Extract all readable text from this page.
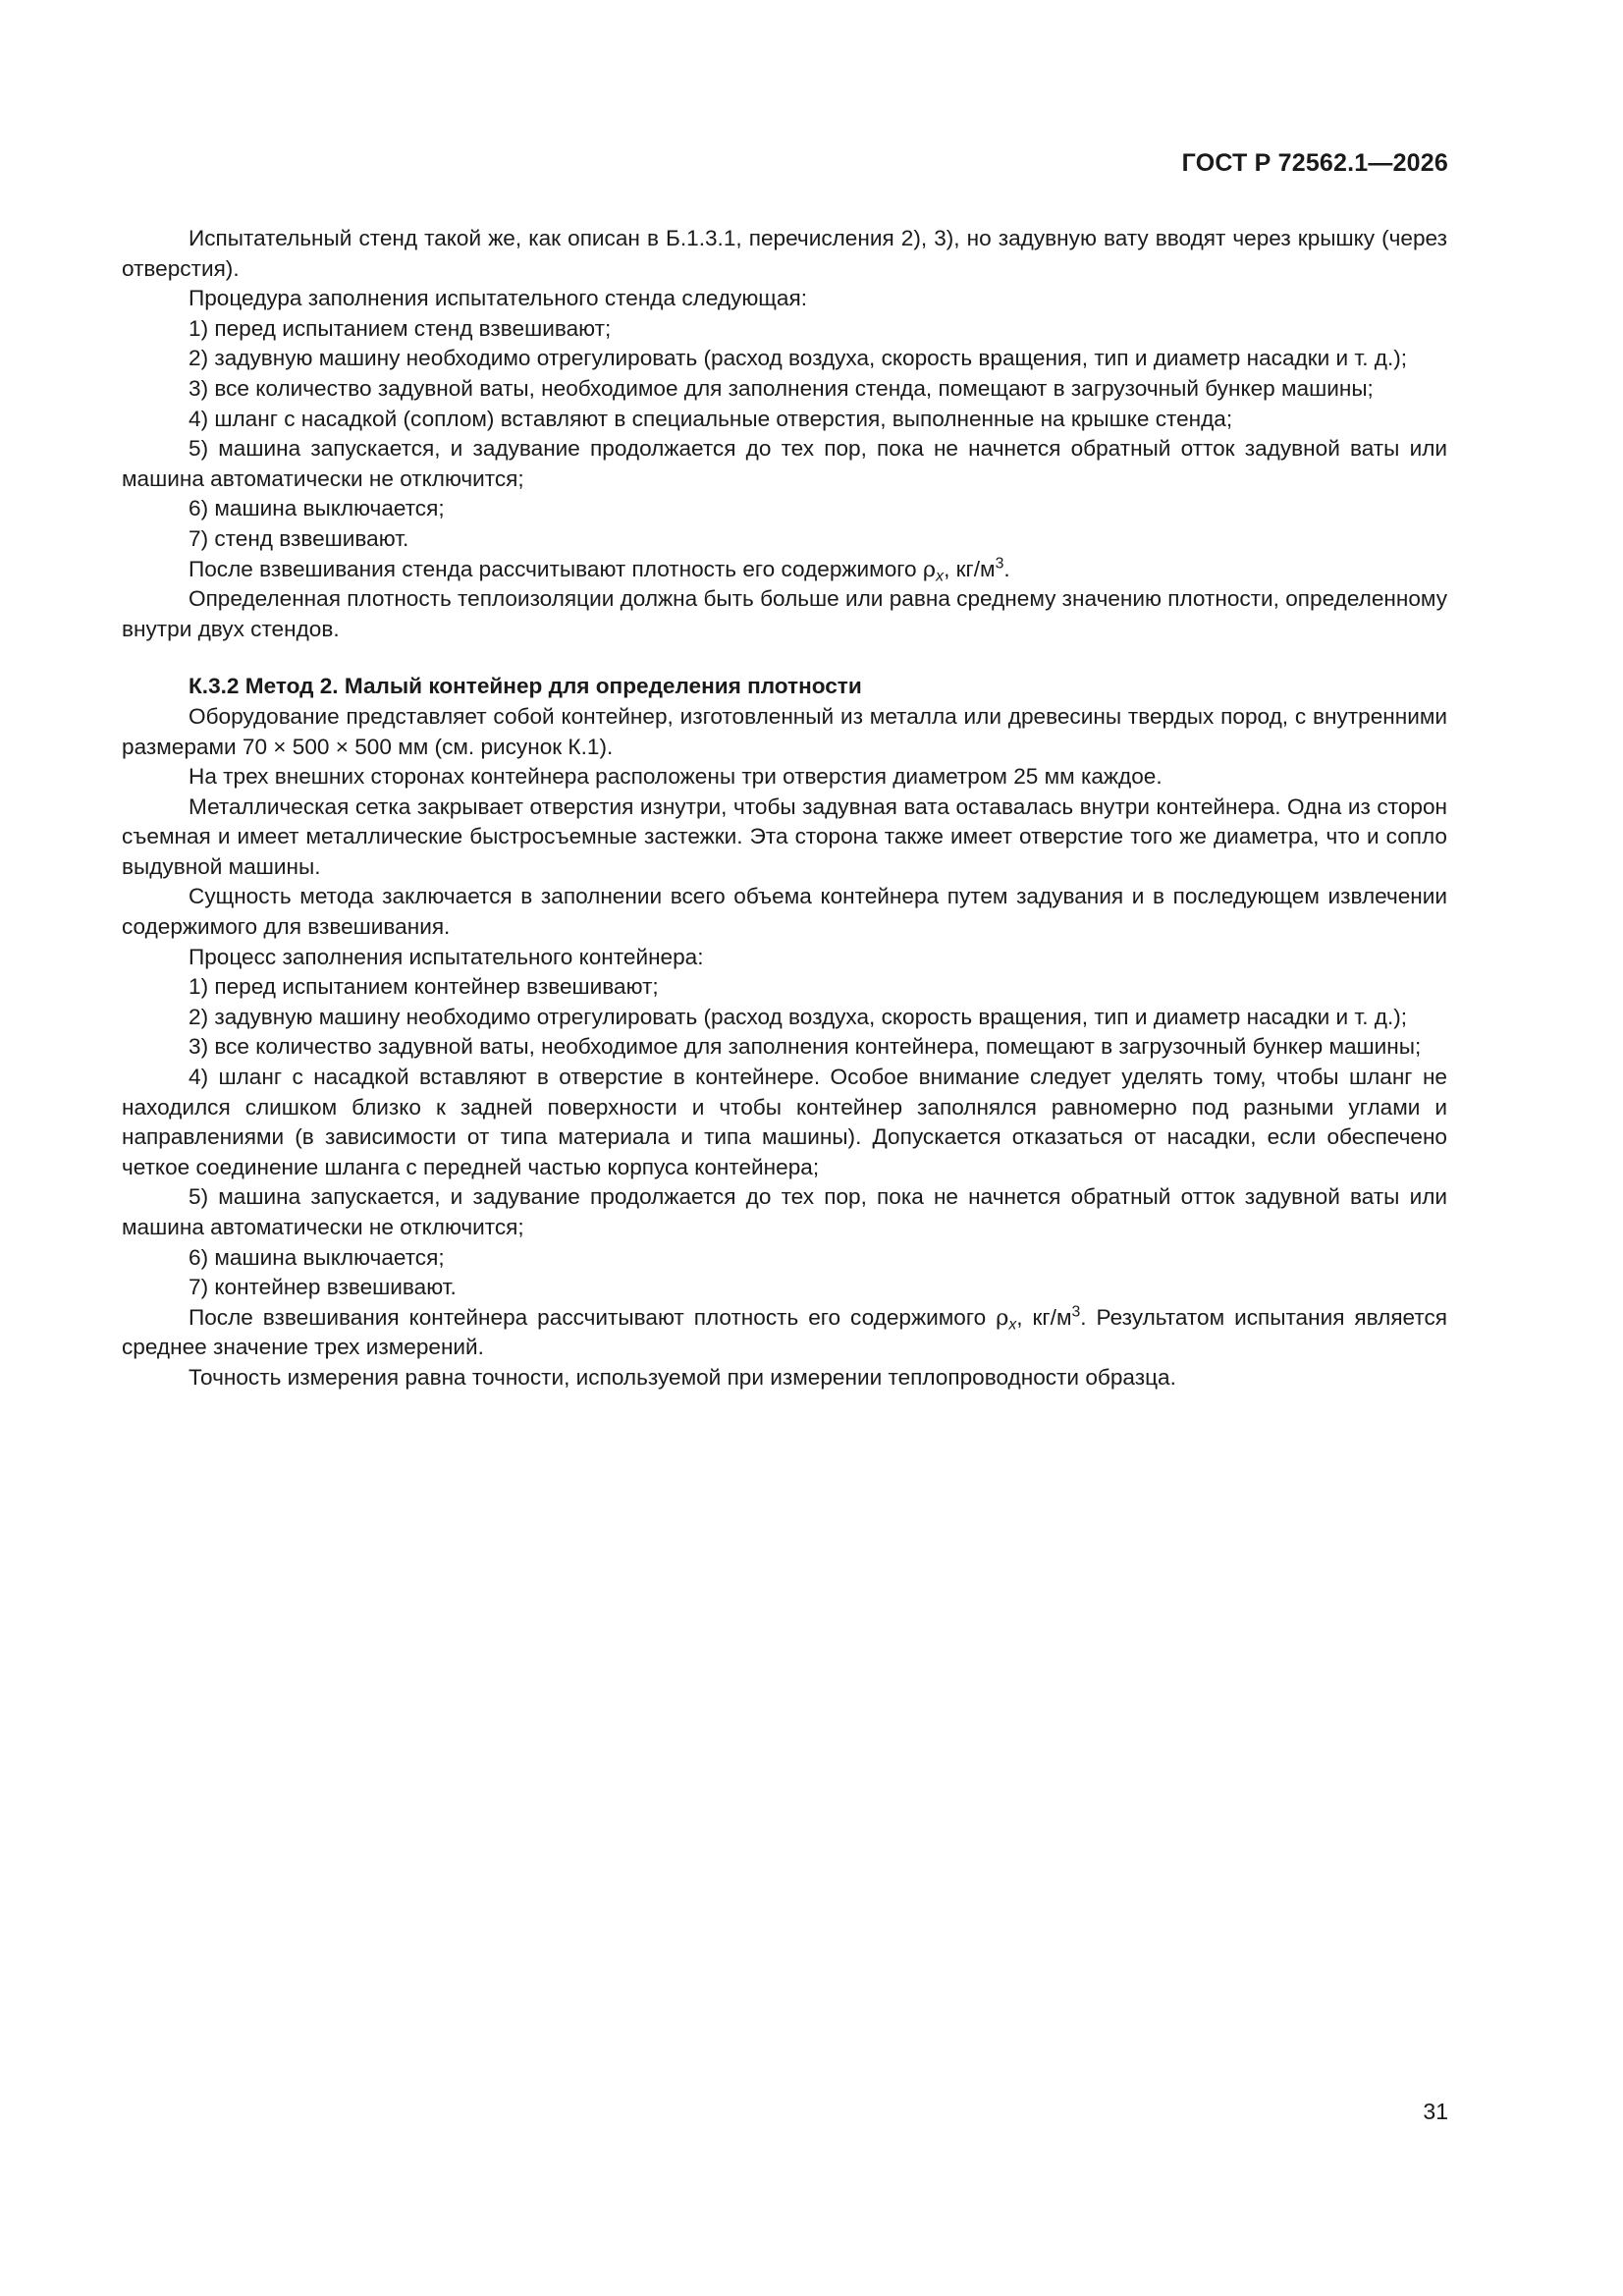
ГОСТ Р 72562.1—2026

Испытательный стенд такой же, как описан в Б.1.3.1, перечисления 2), 3), но задувную вату вводят через крышку (через отверстия).

Процедура заполнения испытательного стенда следующая:

1) перед испытанием стенд взвешивают;

2) задувную машину необходимо отрегулировать (расход воздуха, скорость вращения, тип и диаметр насадки и т. д.);

3) все количество задувной ваты, необходимое для заполнения стенда, помещают в загрузочный бункер машины;

4) шланг с насадкой (соплом) вставляют в специальные отверстия, выполненные на крышке стенда;

5) машина запускается, и задувание продолжается до тех пор, пока не начнется обратный отток задувной ваты или машина автоматически не отключится;

6) машина выключается;

7) стенд взвешивают.

После взвешивания стенда рассчитывают плотность его содержимого $\rho_x$, $кг/м^3$.

Определенная плотность теплоизоляции должна быть больше или равна среднему значению плотности, определенному внутри двух стендов.

К.3.2 Метод 2. Малый контейнер для определения плотности

Оборудование представляет собой контейнер, изготовленный из металла или древесины твердых пород, с внутренними размерами 70 × 500 × 500 мм (см. рисунок К.1).

На трех внешних сторонах контейнера расположены три отверстия диаметром 25 мм каждое.

Металлическая сетка закрывает отверстия изнутри, чтобы задувная вата оставалась внутри контейнера. Одна из сторон съемная и имеет металлические быстросъемные застежки. Эта сторона также имеет отверстие того же диаметра, что и сопло выдувной машины.

Сущность метода заключается в заполнении всего объема контейнера путем задувания и в последующем извлечении содержимого для взвешивания.

Процесс заполнения испытательного контейнера:

1) перед испытанием контейнер взвешивают;

2) задувную машину необходимо отрегулировать (расход воздуха, скорость вращения, тип и диаметр насадки и т. д.);

3) все количество задувной ваты, необходимое для заполнения контейнера, помещают в загрузочный бункер машины;

4) шланг с насадкой вставляют в отверстие в контейнере. Особое внимание следует уделять тому, чтобы шланг не находился слишком близко к задней поверхности и чтобы контейнер заполнялся равномерно под разными углами и направлениями (в зависимости от типа материала и типа машины). Допускается отказаться от насадки, если обеспечено четкое соединение шланга с передней частью корпуса контейнера;

5) машина запускается, и задувание продолжается до тех пор, пока не начнется обратный отток задувной ваты или машина автоматически не отключится;

6) машина выключается;

7) контейнер взвешивают.

После взвешивания контейнера рассчитывают плотность его содержимого $\rho_x$, $кг/м^3$. Результатом испытания является среднее значение трех измерений.

Точность измерения равна точности, используемой при измерении теплопроводности образца.

31
